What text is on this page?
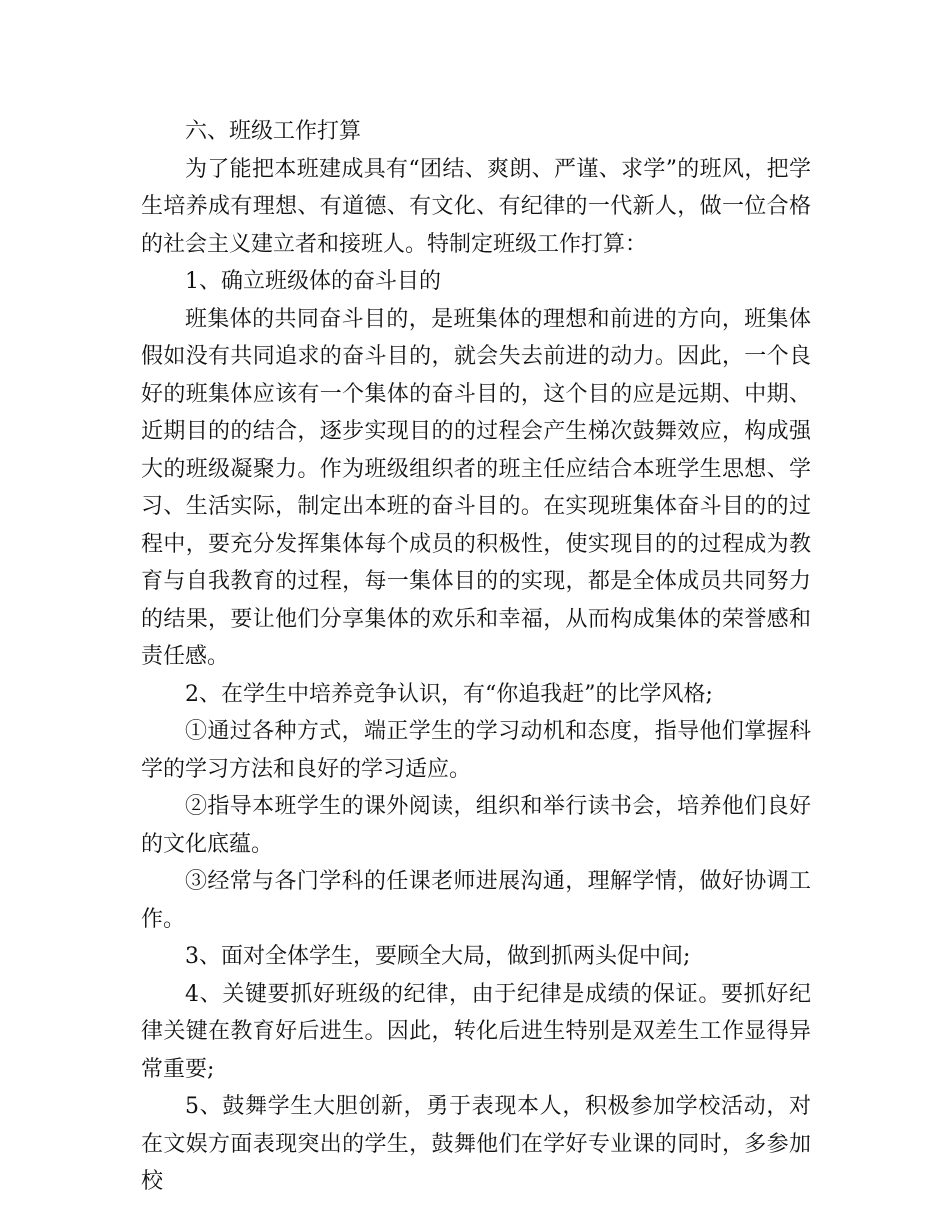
六、班级工作打算

为了能把本班建成具有“团结、爽朗、严谨、求学”的班风，把学生培养成有理想、有道德、有文化、有纪律的一代新人，做一位合格的社会主义建立者和接班人。特制定班级工作打算：

1、确立班级体的奋斗目的

班集体的共同奋斗目的，是班集体的理想和前进的方向，班集体假如没有共同追求的奋斗目的，就会失去前进的动力。因此，一个良好的班集体应该有一个集体的奋斗目的，这个目的应是远期、中期、近期目的的结合，逐步实现目的的过程会产生梯次鼓舞效应，构成强大的班级凝聚力。作为班级组织者的班主任应结合本班学生思想、学习、生活实际，制定出本班的奋斗目的。在实现班集体奋斗目的的过程中，要充分发挥集体每个成员的积极性，使实现目的的过程成为教育与自我教育的过程，每一集体目的的实现，都是全体成员共同努力的结果，要让他们分享集体的欢乐和幸福，从而构成集体的荣誉感和责任感。

2、在学生中培养竞争认识，有“你追我赶”的比学风格;

①通过各种方式，端正学生的学习动机和态度，指导他们掌握科学的学习方法和良好的学习适应。

②指导本班学生的课外阅读，组织和举行读书会，培养他们良好的文化底蕴。

③经常与各门学科的任课老师进展沟通，理解学情，做好协调工作。

3、面对全体学生，要顾全大局，做到抓两头促中间;

4、关键要抓好班级的纪律，由于纪律是成绩的保证。要抓好纪律关键在教育好后进生。因此，转化后进生特别是双差生工作显得异常重要;

5、鼓舞学生大胆创新，勇于表现本人，积极参加学校活动，对在文娱方面表现突出的学生，鼓舞他们在学好专业课的同时，多参加校
